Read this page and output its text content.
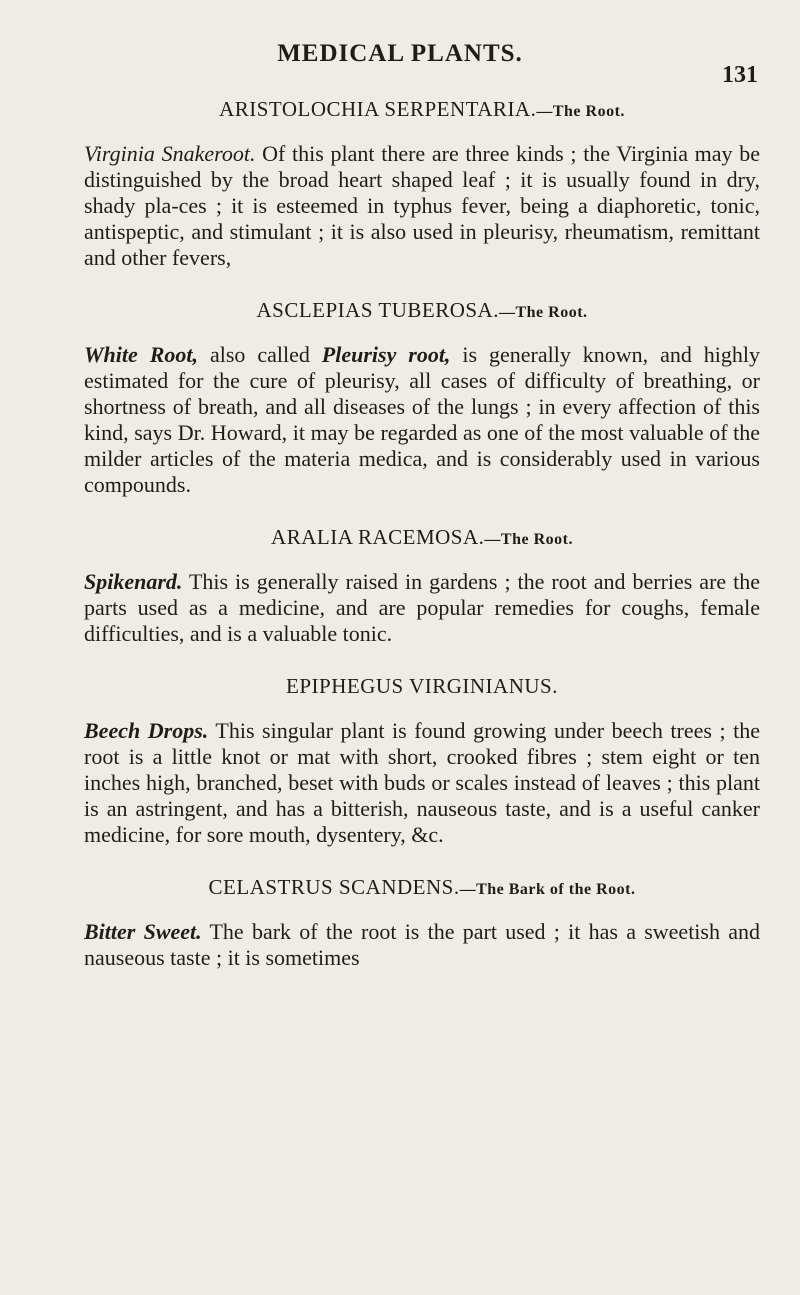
MEDICAL PLANTS.
131
ARISTOLOCHIA SERPENTARIA.—The Root.

Virginia Snakeroot. Of this plant there are three kinds ; the Virginia may be distinguished by the broad heart shaped leaf ; it is usually found in dry, shady pla-ces ; it is esteemed in typhus fever, being a diaphoretic, tonic, antispeptic, and stimulant ; it is also used in pleurisy, rheumatism, remittant and other fevers,

ASCLEPIAS TUBEROSA.—The Root.

White Root, also called Pleurisy root, is generally known, and highly estimated for the cure of pleurisy, all cases of difficulty of breathing, or shortness of breath, and all diseases of the lungs ; in every affection of this kind, says Dr. Howard, it may be regarded as one of the most valuable of the milder articles of the materia medica, and is considerably used in various compounds.

ARALIA RACEMOSA.—The Root.

Spikenard. This is generally raised in gardens ; the root and berries are the parts used as a medicine, and are popular remedies for coughs, female difficulties, and is a valuable tonic.

EPIPHEGUS VIRGINIANUS.

Beech Drops. This singular plant is found growing under beech trees ; the root is a little knot or mat with short, crooked fibres ; stem eight or ten inches high, branched, beset with buds or scales instead of leaves ; this plant is an astringent, and has a bitterish, nauseous taste, and is a useful canker medicine, for sore mouth, dysentery, &c.

CELASTRUS SCANDENS.—The Bark of the Root.

Bitter Sweet. The bark of the root is the part used ; it has a sweetish and nauseous taste ; it is sometimes
